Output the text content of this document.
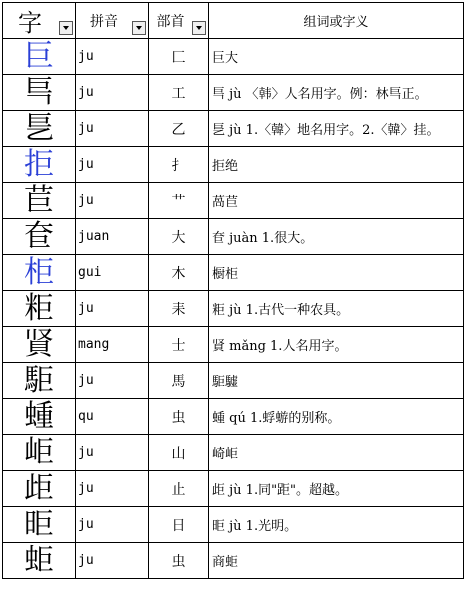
字	拼音	部首	组词或字义

巨	ju	匚	巨大
巪	ju	工	巪 jù 〈韩〉人名用字。例：林巪正。
乬	ju	乙	乬 jù 1.〈韓〉地名用字。2.〈韓〉挂。
拒	ju	扌	拒绝
苣	ju	艹	萵苣
奆	juan	大	奆 juàn 1.很大。
柜	gui	木	橱柜
粔	ju	耒	粔 jù 1.古代一种农具。
䝨	mang	士	䝨 mǎng 1.人名用字。
駏	ju	馬	駏驉
蝩	qu	虫	蝩 qú 1.蜉蝣的别称。
岠	ju	山	崎岠
歫	ju	止	歫 jù 1.同"距"。超越。
昛	ju	日	昛 jù 1.光明。
蚷	ju	虫	商蚷
